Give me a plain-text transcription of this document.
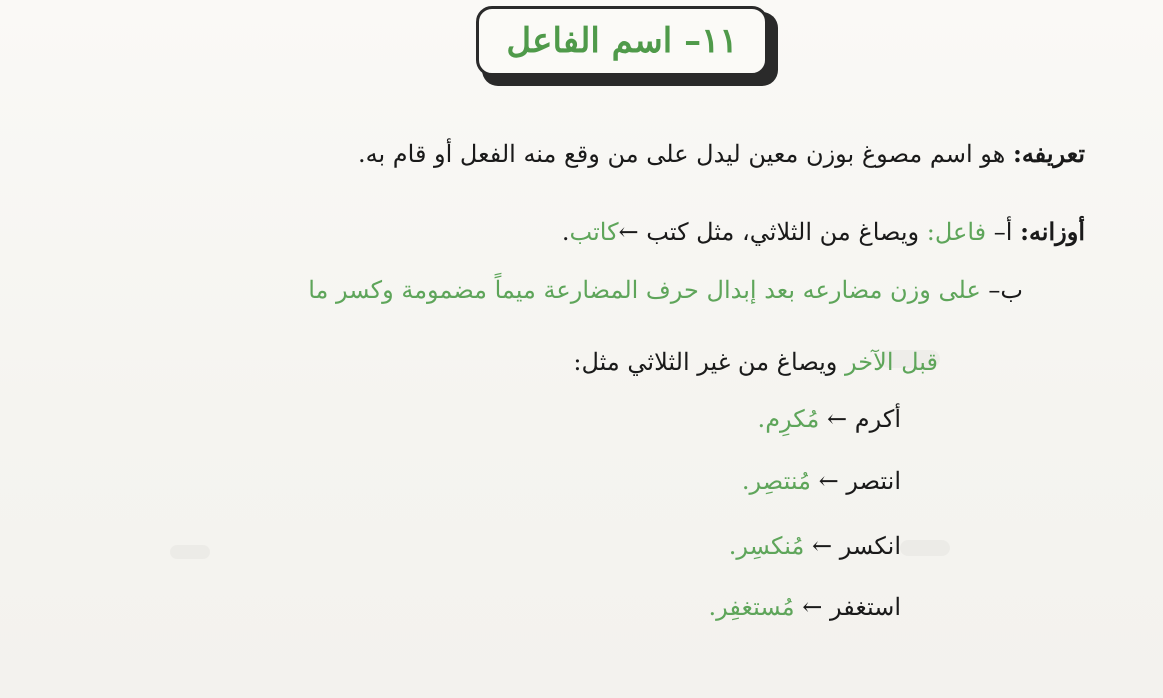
١١– اسم الفاعل
تعريفه: هو اسم مصوغ بوزن معين ليدل على من وقع منه الفعل أو قام به.
أوزانه: أ– فاعل: ويصاغ من الثلاثي، مثل كتب ←كاتب.
ب– على وزن مضارعه بعد إبدال حرف المضارعة ميماً مضمومة وكسر ما
قبل الآخر ويصاغ من غير الثلاثي مثل:
أكرم ← مُكرِم.
انتصر ← مُنتصِر.
انكسر ← مُنكسِر.
استغفر ← مُستغفِر.
